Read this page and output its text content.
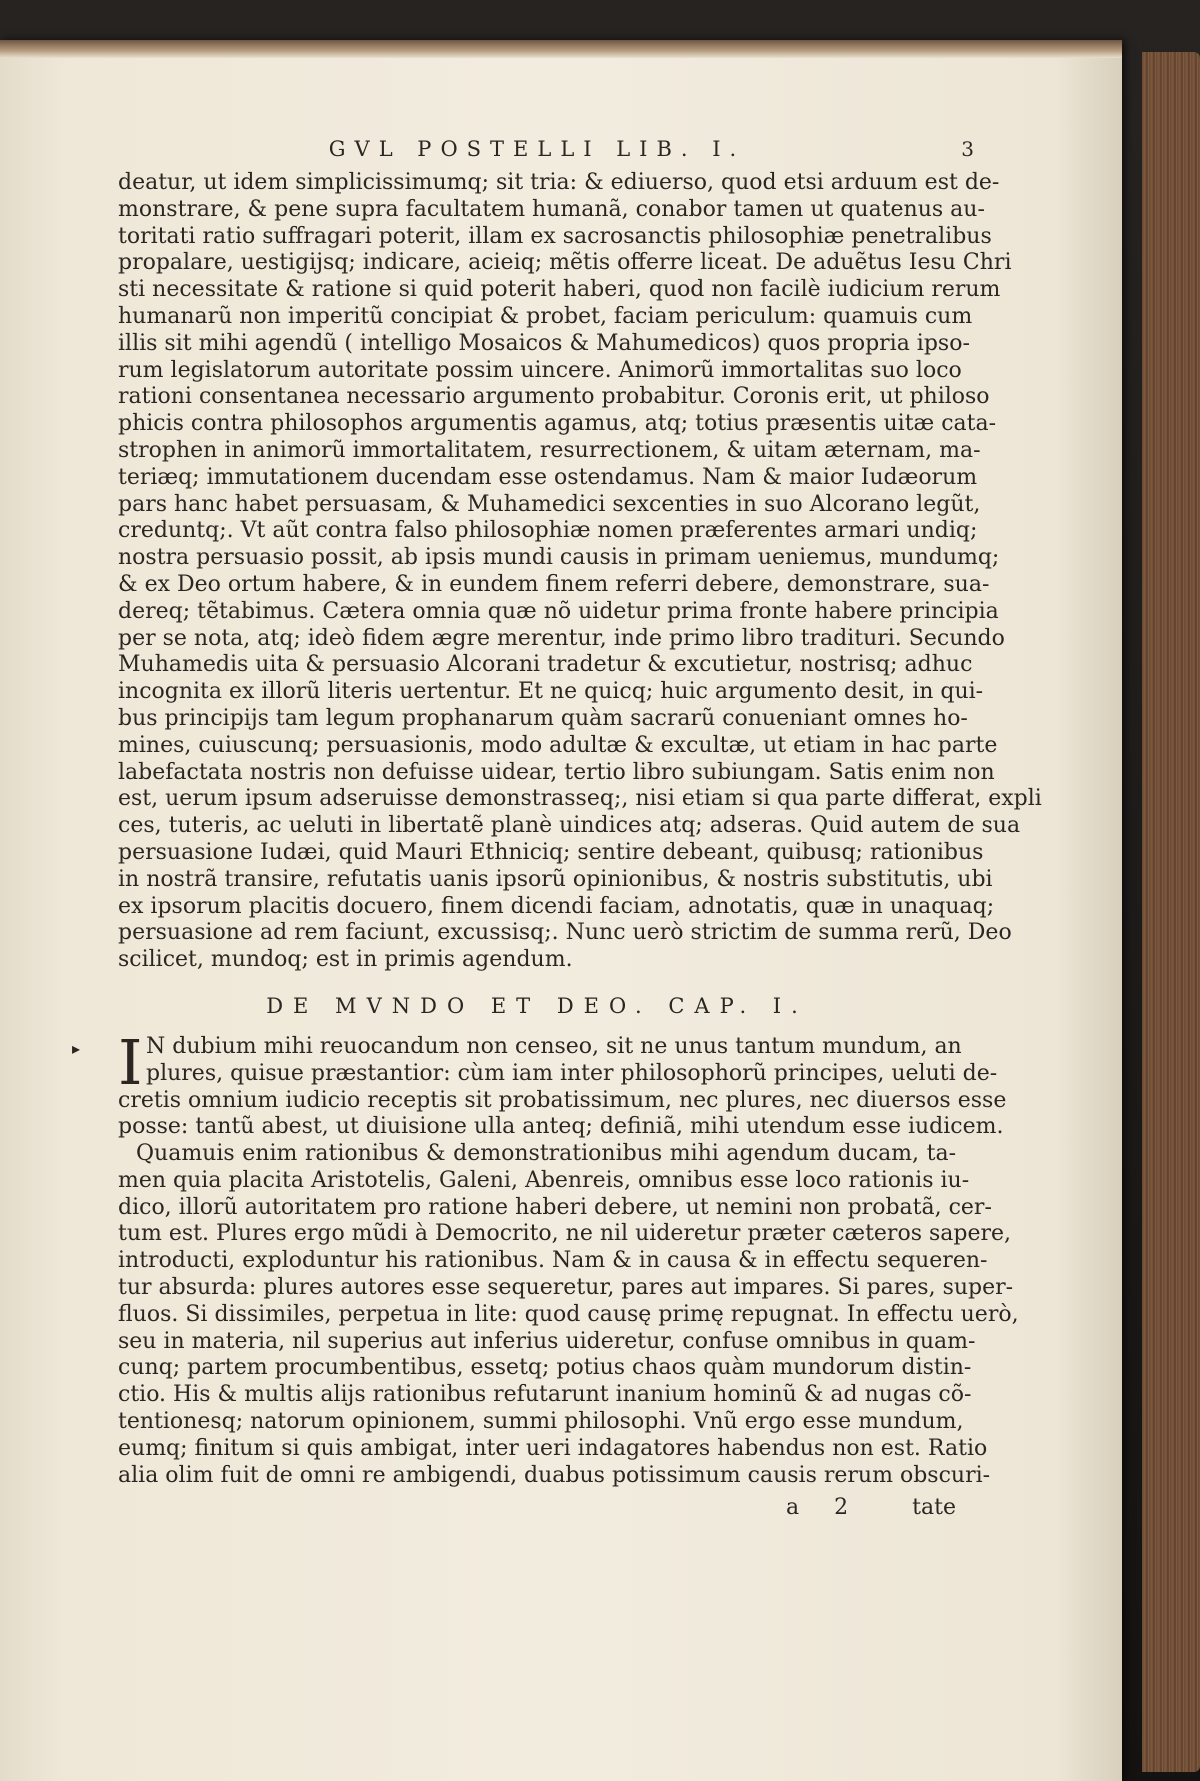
GVL POSTELLI LIB. I.	3
deatur, ut idem simplicissimumq; sit tria: & ediuerso, quod etsi arduum est de-
monstrare, & pene supra facultatem humanã, conabor tamen ut quatenus au-
toritati ratio suffragari poterit, illam ex sacrosanctis philosophiæ penetralibus
propalare, uestigijsq; indicare, acieiq; mẽtis offerre liceat. De aduẽtus Iesu Chri
sti necessitate & ratione si quid poterit haberi, quod non facilè iudicium rerum
humanarũ non imperitũ concipiat & probet, faciam periculum: quamuis cum
illis sit mihi agendũ ( intelligo Mosaicos & Mahumedicos) quos propria ipso-
rum legislatorum autoritate possim uincere. Animorũ immortalitas suo loco
rationi consentanea necessario argumento probabitur. Coronis erit, ut philoso
phicis contra philosophos argumentis agamus, atq; totius præsentis uitæ cata-
strophen in animorũ immortalitatem, resurrectionem, & uitam æternam, ma-
teriæq; immutationem ducendam esse ostendamus. Nam & maior Iudæorum
pars hanc habet persuasam, & Muhamedici sexcenties in suo Alcorano legũt,
creduntq;. Vt aũt contra falso philosophiæ nomen præferentes armari undiq;
nostra persuasio possit, ab ipsis mundi causis in primam ueniemus, mundumq;
& ex Deo ortum habere, & in eundem finem referri debere, demonstrare, sua-
dereq; tẽtabimus. Cætera omnia quæ nõ uidetur prima fronte habere principia
per se nota, atq; ideò fidem ægre merentur, inde primo libro tradituri. Secundo
Muhamedis uita & persuasio Alcorani tradetur & excutietur, nostrisq; adhuc
incognita ex illorũ literis uertentur. Et ne quicq; huic argumento desit, in qui-
bus principijs tam legum prophanarum quàm sacrarũ conueniant omnes ho-
mines, cuiuscunq; persuasionis, modo adultæ & excultæ, ut etiam in hac parte
labefactata nostris non defuisse uidear, tertio libro subiungam. Satis enim non
est, uerum ipsum adseruisse demonstrasseq;, nisi etiam si qua parte differat, expli
ces, tuteris, ac ueluti in libertatẽ planè uindices atq; adseras. Quid autem de sua
persuasione Iudæi, quid Mauri Ethniciq; sentire debeant, quibusq; rationibus
in nostrã transire, refutatis uanis ipsorũ opinionibus, & nostris substitutis, ubi
ex ipsorum placitis docuero, finem dicendi faciam, adnotatis, quæ in unaquaq;
persuasione ad rem faciunt, excussisq;. Nunc uerò strictim de summa rerũ, Deo
scilicet, mundoq; est in primis agendum.
DE MVNDO ET DEO. CAP. I.
▸ I N dubium mihi reuocandum non censeo, sit ne unus tantum mundum, an
plures, quisue præstantior: cùm iam inter philosophorũ principes, ueluti de-
cretis omnium iudicio receptis sit probatissimum, nec plures, nec diuersos esse
posse: tantũ abest, ut diuisione ulla anteq; definiã, mihi utendum esse iudicem.
Quamuis enim rationibus & demonstrationibus mihi agendum ducam, ta-
men quia placita Aristotelis, Galeni, Abenreis, omnibus esse loco rationis iu-
dico, illorũ autoritatem pro ratione haberi debere, ut nemini non probatã, cer-
tum est. Plures ergo mũdi à Democrito, ne nil uideretur præter cæteros sapere,
introducti, exploduntur his rationibus. Nam & in causa & in effectu sequeren-
tur absurda: plures autores esse sequeretur, pares aut impares. Si pares, super-
fluos. Si dissimiles, perpetua in lite: quod causę primę repugnat. In effectu uerò,
seu in materia, nil superius aut inferius uideretur, confuse omnibus in quam-
cunq; partem procumbentibus, essetq; potius chaos quàm mundorum distin-
ctio. His & multis alijs rationibus refutarunt inanium hominũ & ad nugas cõ-
tentionesq; natorum opinionem, summi philosophi. Vnũ ergo esse mundum,
eumq; finitum si quis ambigat, inter ueri indagatores habendus non est. Ratio
alia olim fuit de omni re ambigendi, duabus potissimum causis rerum obscuri-
a 2 tate
